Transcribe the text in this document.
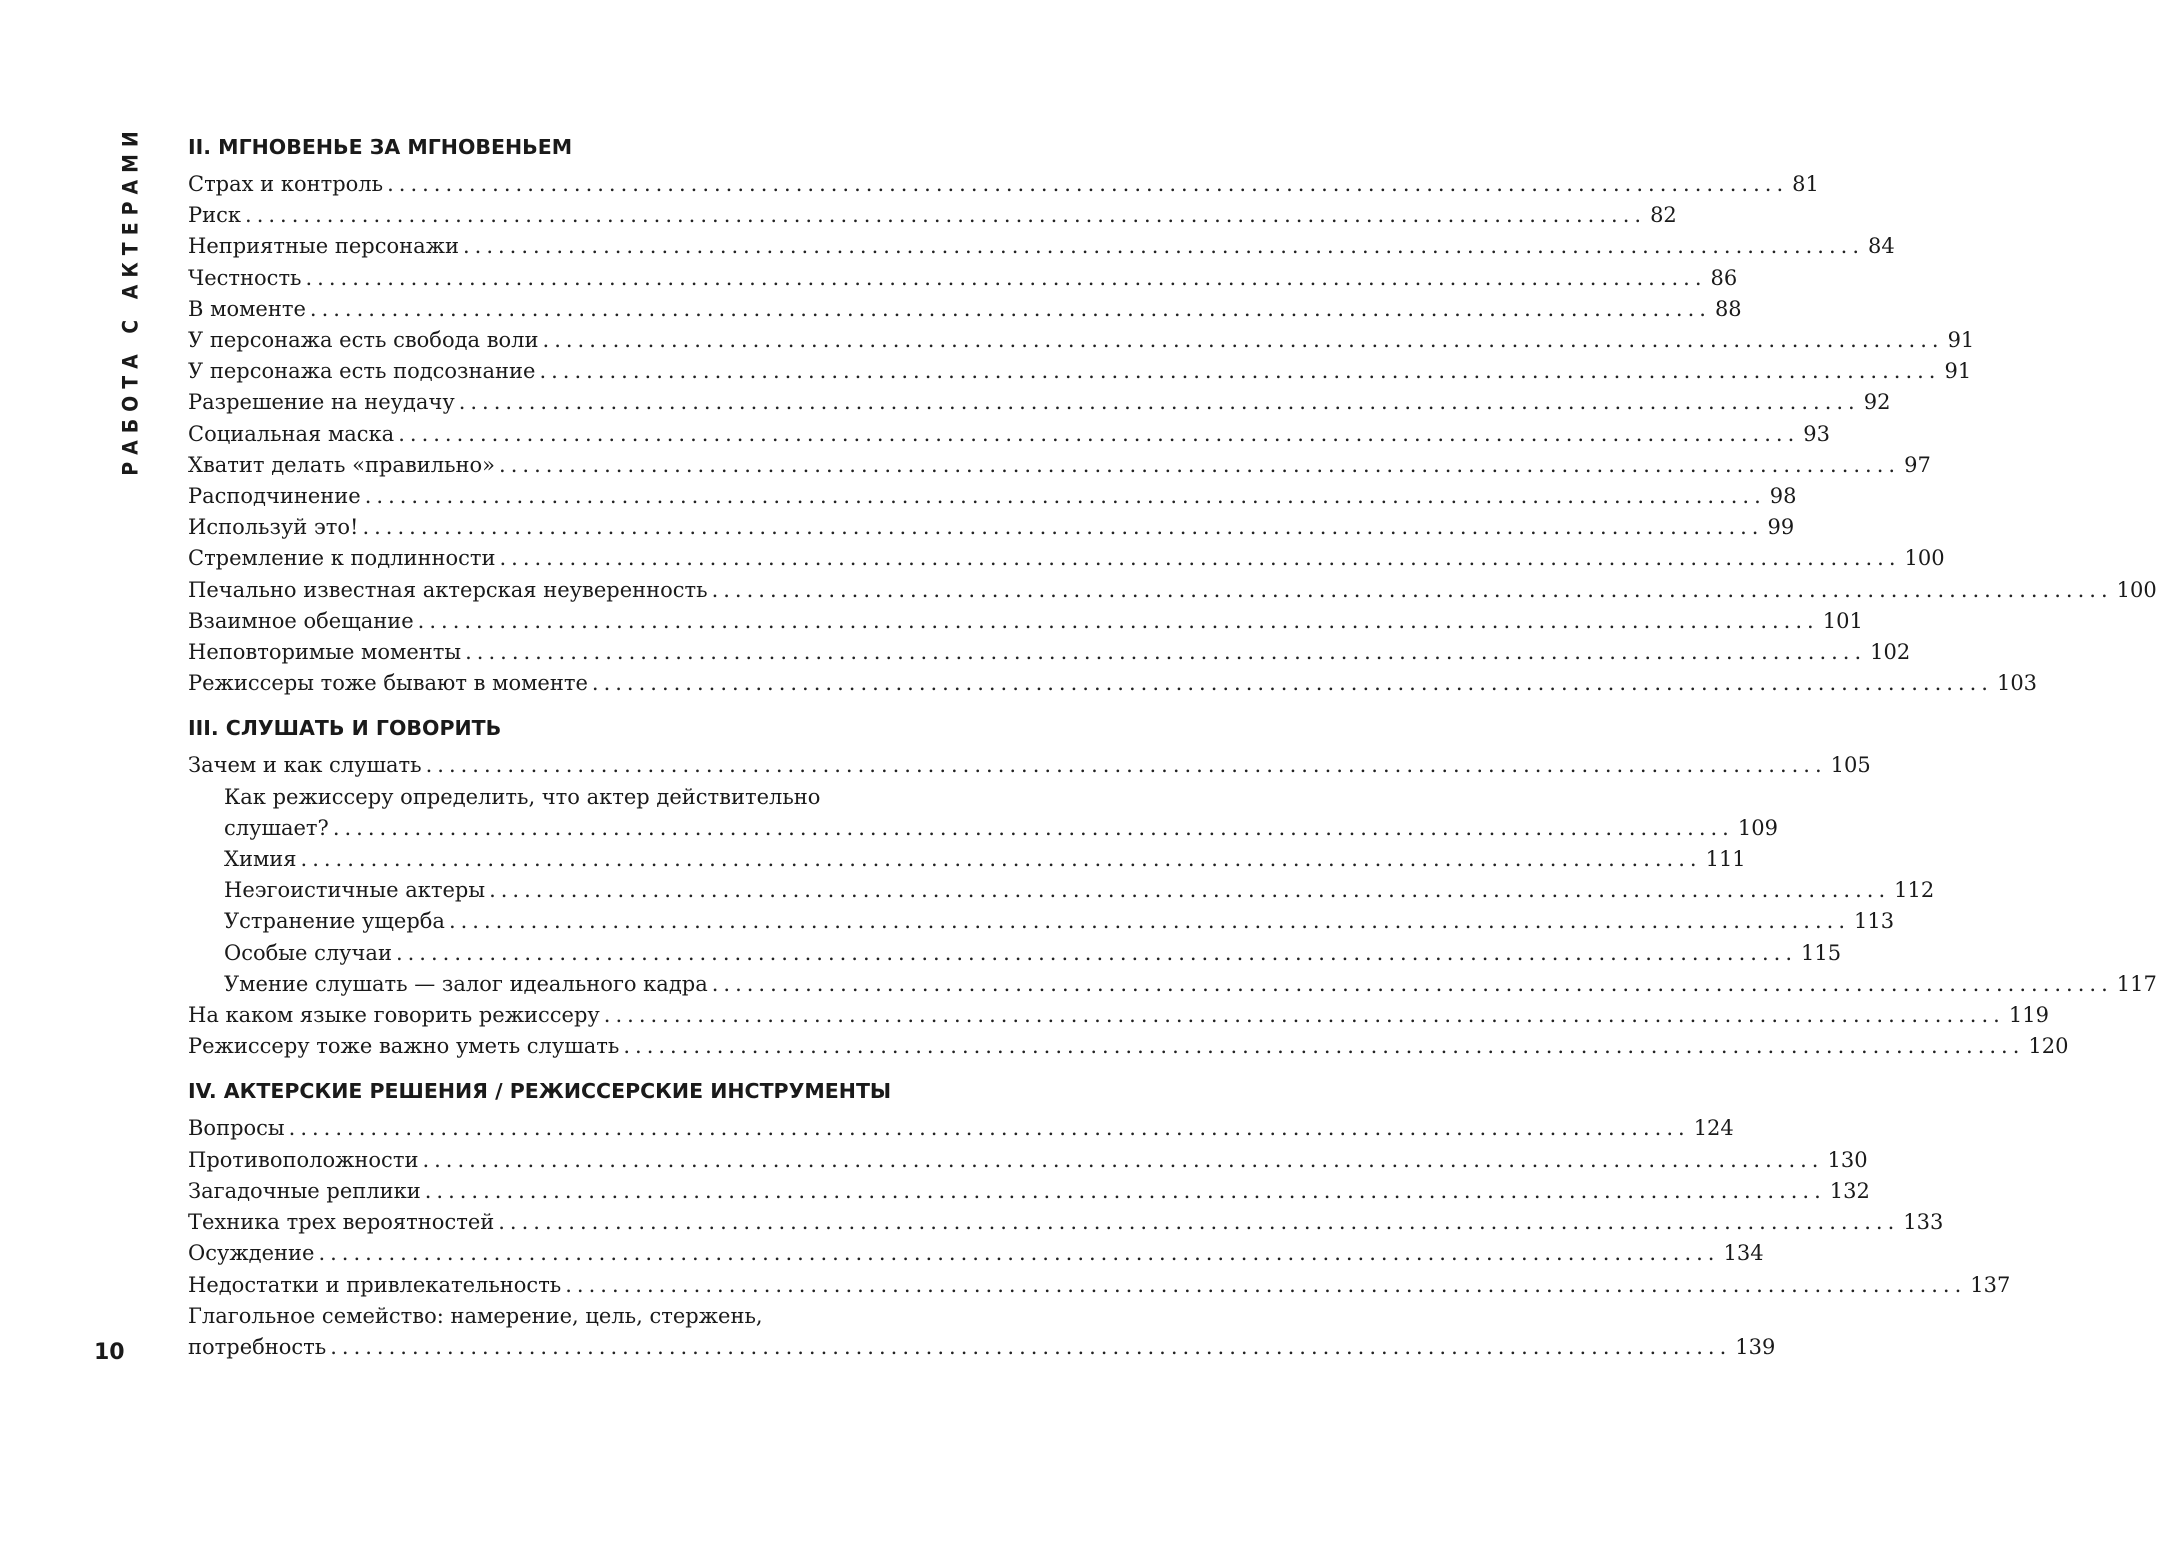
РАБОТА С АКТЕРАМИ
10
II. МГНОВЕНЬЕ ЗА МГНОВЕНЬЕМ
Страх и контроль ........................................................................................................................ 81
Риск ........................................................................................................................ 82
Неприятные персонажи ........................................................................................................................ 84
Честность ........................................................................................................................ 86
В моменте ........................................................................................................................ 88
У персонажа есть свобода воли ........................................................................................................................ 91
У персонажа есть подсознание ........................................................................................................................ 91
Разрешение на неудачу ........................................................................................................................ 92
Социальная маска ........................................................................................................................ 93
Хватит делать «правильно» ........................................................................................................................ 97
Расподчинение ........................................................................................................................ 98
Используй это! ........................................................................................................................ 99
Стремление к подлинности ........................................................................................................................ 100
Печально известная актерская неуверенность ........................................................................................................................ 100
Взаимное обещание ........................................................................................................................ 101
Неповторимые моменты ........................................................................................................................ 102
Режиссеры тоже бывают в моменте ........................................................................................................................ 103
III. СЛУШАТЬ И ГОВОРИТЬ
Зачем и как слушать ........................................................................................................................ 105
Как режиссеру определить, что актер действительно
слушает? ........................................................................................................................ 109
Химия ........................................................................................................................ 111
Неэгоистичные актеры ........................................................................................................................ 112
Устранение ущерба ........................................................................................................................ 113
Особые случаи ........................................................................................................................ 115
Умение слушать — залог идеального кадра ........................................................................................................................ 117
На каком языке говорить режиссеру ........................................................................................................................ 119
Режиссеру тоже важно уметь слушать ........................................................................................................................ 120
IV. АКТЕРСКИЕ РЕШЕНИЯ / РЕЖИССЕРСКИЕ ИНСТРУМЕНТЫ
Вопросы ........................................................................................................................ 124
Противоположности ........................................................................................................................ 130
Загадочные реплики ........................................................................................................................ 132
Техника трех вероятностей ........................................................................................................................ 133
Осуждение ........................................................................................................................ 134
Недостатки и привлекательность ........................................................................................................................ 137
Глагольное семейство: намерение, цель, стержень,
потребность ........................................................................................................................ 139
